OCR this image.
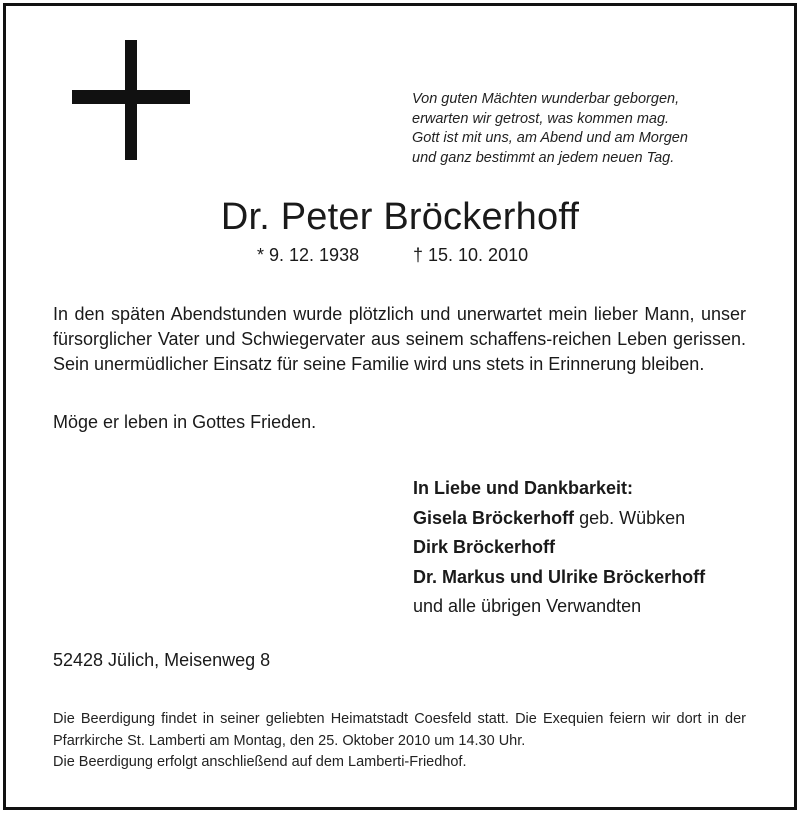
Von guten Mächten wunderbar geborgen,
erwarten wir getrost, was kommen mag.
Gott ist mit uns, am Abend und am Morgen
und ganz bestimmt an jedem neuen Tag.
Dr. Peter Bröckerhoff
* 9. 12. 1938	† 15. 10. 2010
In den späten Abendstunden wurde plötzlich und unerwartet mein lieber Mann, unser fürsorglicher Vater und Schwiegervater aus seinem schaffens-reichen Leben gerissen. Sein unermüdlicher Einsatz für seine Familie wird uns stets in Erinnerung bleiben.
Möge er leben in Gottes Frieden.
In Liebe und Dankbarkeit:
Gisela Bröckerhoff geb. Wübken
Dirk Bröckerhoff
Dr. Markus und Ulrike Bröckerhoff
und alle übrigen Verwandten
52428 Jülich, Meisenweg 8
Die Beerdigung findet in seiner geliebten Heimatstadt Coesfeld statt. Die Exequien feiern wir dort in der Pfarrkirche St. Lamberti am Montag, den 25. Oktober 2010 um 14.30 Uhr.
Die Beerdigung erfolgt anschließend auf dem Lamberti-Friedhof.
